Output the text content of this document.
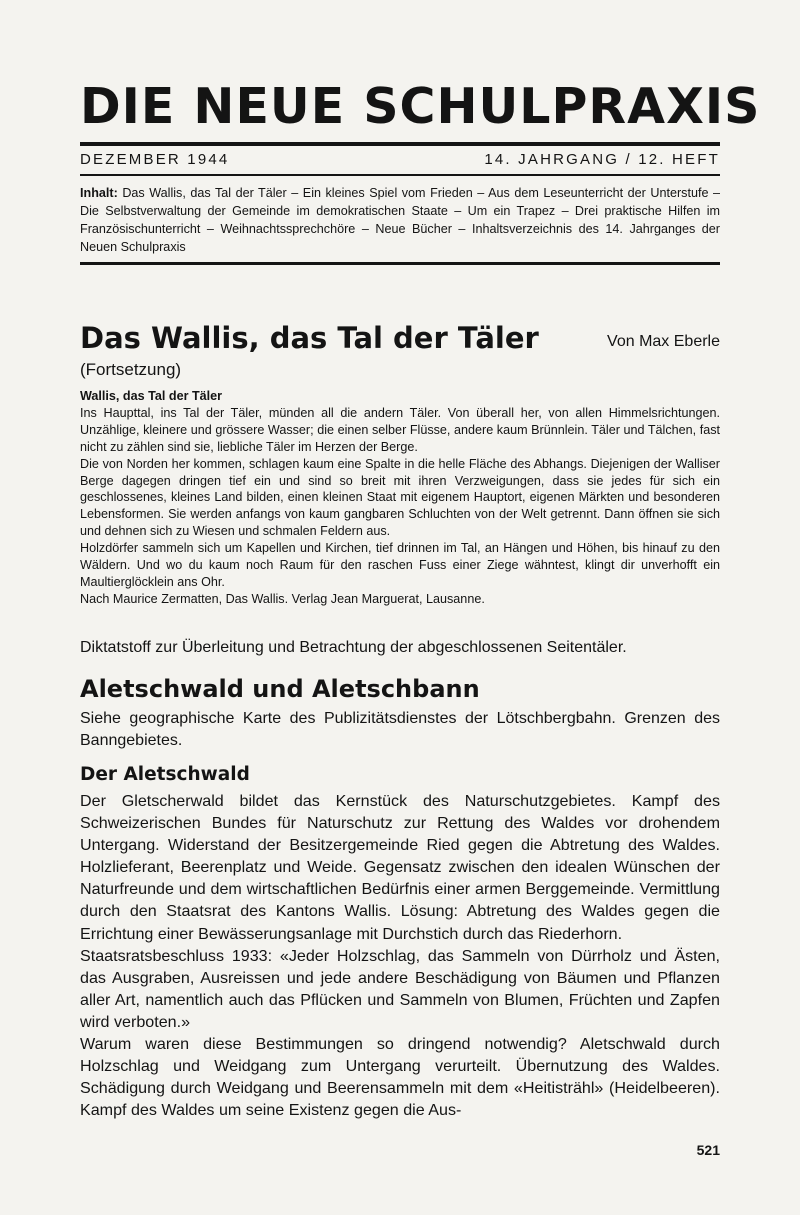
DIE NEUE SCHULPRAXIS
DEZEMBER 1944	14. JAHRGANG / 12. HEFT
Inhalt: Das Wallis, das Tal der Täler – Ein kleines Spiel vom Frieden – Aus dem Leseunterricht der Unterstufe – Die Selbstverwaltung der Gemeinde im demokratischen Staate – Um ein Trapez – Drei praktische Hilfen im Französischunterricht – Weihnachtssprechchöre – Neue Bücher – Inhaltsverzeichnis des 14. Jahrganges der Neuen Schulpraxis
Das Wallis, das Tal der Täler	Von Max Eberle
(Fortsetzung)
Wallis, das Tal der Täler
Ins Haupttal, ins Tal der Täler, münden all die andern Täler. Von überall her, von allen Himmelsrichtungen. Unzählige, kleinere und grössere Wasser; die einen selber Flüsse, andere kaum Brünnlein. Täler und Tälchen, fast nicht zu zählen sind sie, liebliche Täler im Herzen der Berge.
Die von Norden her kommen, schlagen kaum eine Spalte in die helle Fläche des Abhangs. Diejenigen der Walliser Berge dagegen dringen tief ein und sind so breit mit ihren Verzweigungen, dass sie jedes für sich ein geschlossenes, kleines Land bilden, einen kleinen Staat mit eigenem Hauptort, eigenen Märkten und besonderen Lebensformen. Sie werden anfangs von kaum gangbaren Schluchten von der Welt getrennt. Dann öffnen sie sich und dehnen sich zu Wiesen und schmalen Feldern aus.
Holzdörfer sammeln sich um Kapellen und Kirchen, tief drinnen im Tal, an Hängen und Höhen, bis hinauf zu den Wäldern. Und wo du kaum noch Raum für den raschen Fuss einer Ziege wähntest, klingt dir unverhofft ein Maultierglöcklein ans Ohr.
Nach Maurice Zermatten, Das Wallis. Verlag Jean Marguerat, Lausanne.
Diktatstoff zur Überleitung und Betrachtung der abgeschlossenen Seitentäler.
Aletschwald und Aletschbann
Siehe geographische Karte des Publizitätsdienstes der Lötschbergbahn. Grenzen des Banngebietes.
Der Aletschwald

Der Gletscherwald bildet das Kernstück des Naturschutzgebietes. Kampf des Schweizerischen Bundes für Naturschutz zur Rettung des Waldes vor drohendem Untergang. Widerstand der Besitzergemeinde Ried gegen die Abtretung des Waldes. Holzlieferant, Beerenplatz und Weide. Gegensatz zwischen den idealen Wünschen der Naturfreunde und dem wirtschaftlichen Bedürfnis einer armen Berggemeinde. Vermittlung durch den Staatsrat des Kantons Wallis. Lösung: Abtretung des Waldes gegen die Errichtung einer Bewässerungsanlage mit Durchstich durch das Riederhorn.

Staatsratsbeschluss 1933: «Jeder Holzschlag, das Sammeln von Dürrholz und Ästen, das Ausgraben, Ausreissen und jede andere Beschädigung von Bäumen und Pflanzen aller Art, namentlich auch das Pflücken und Sammeln von Blumen, Früchten und Zapfen wird verboten.»

Warum waren diese Bestimmungen so dringend notwendig? Aletschwald durch Holzschlag und Weidgang zum Untergang verurteilt. Übernutzung des Waldes. Schädigung durch Weidgang und Beerensammeln mit dem «Heitisträhl» (Heidelbeeren). Kampf des Waldes um seine Existenz gegen die Aus-

521
